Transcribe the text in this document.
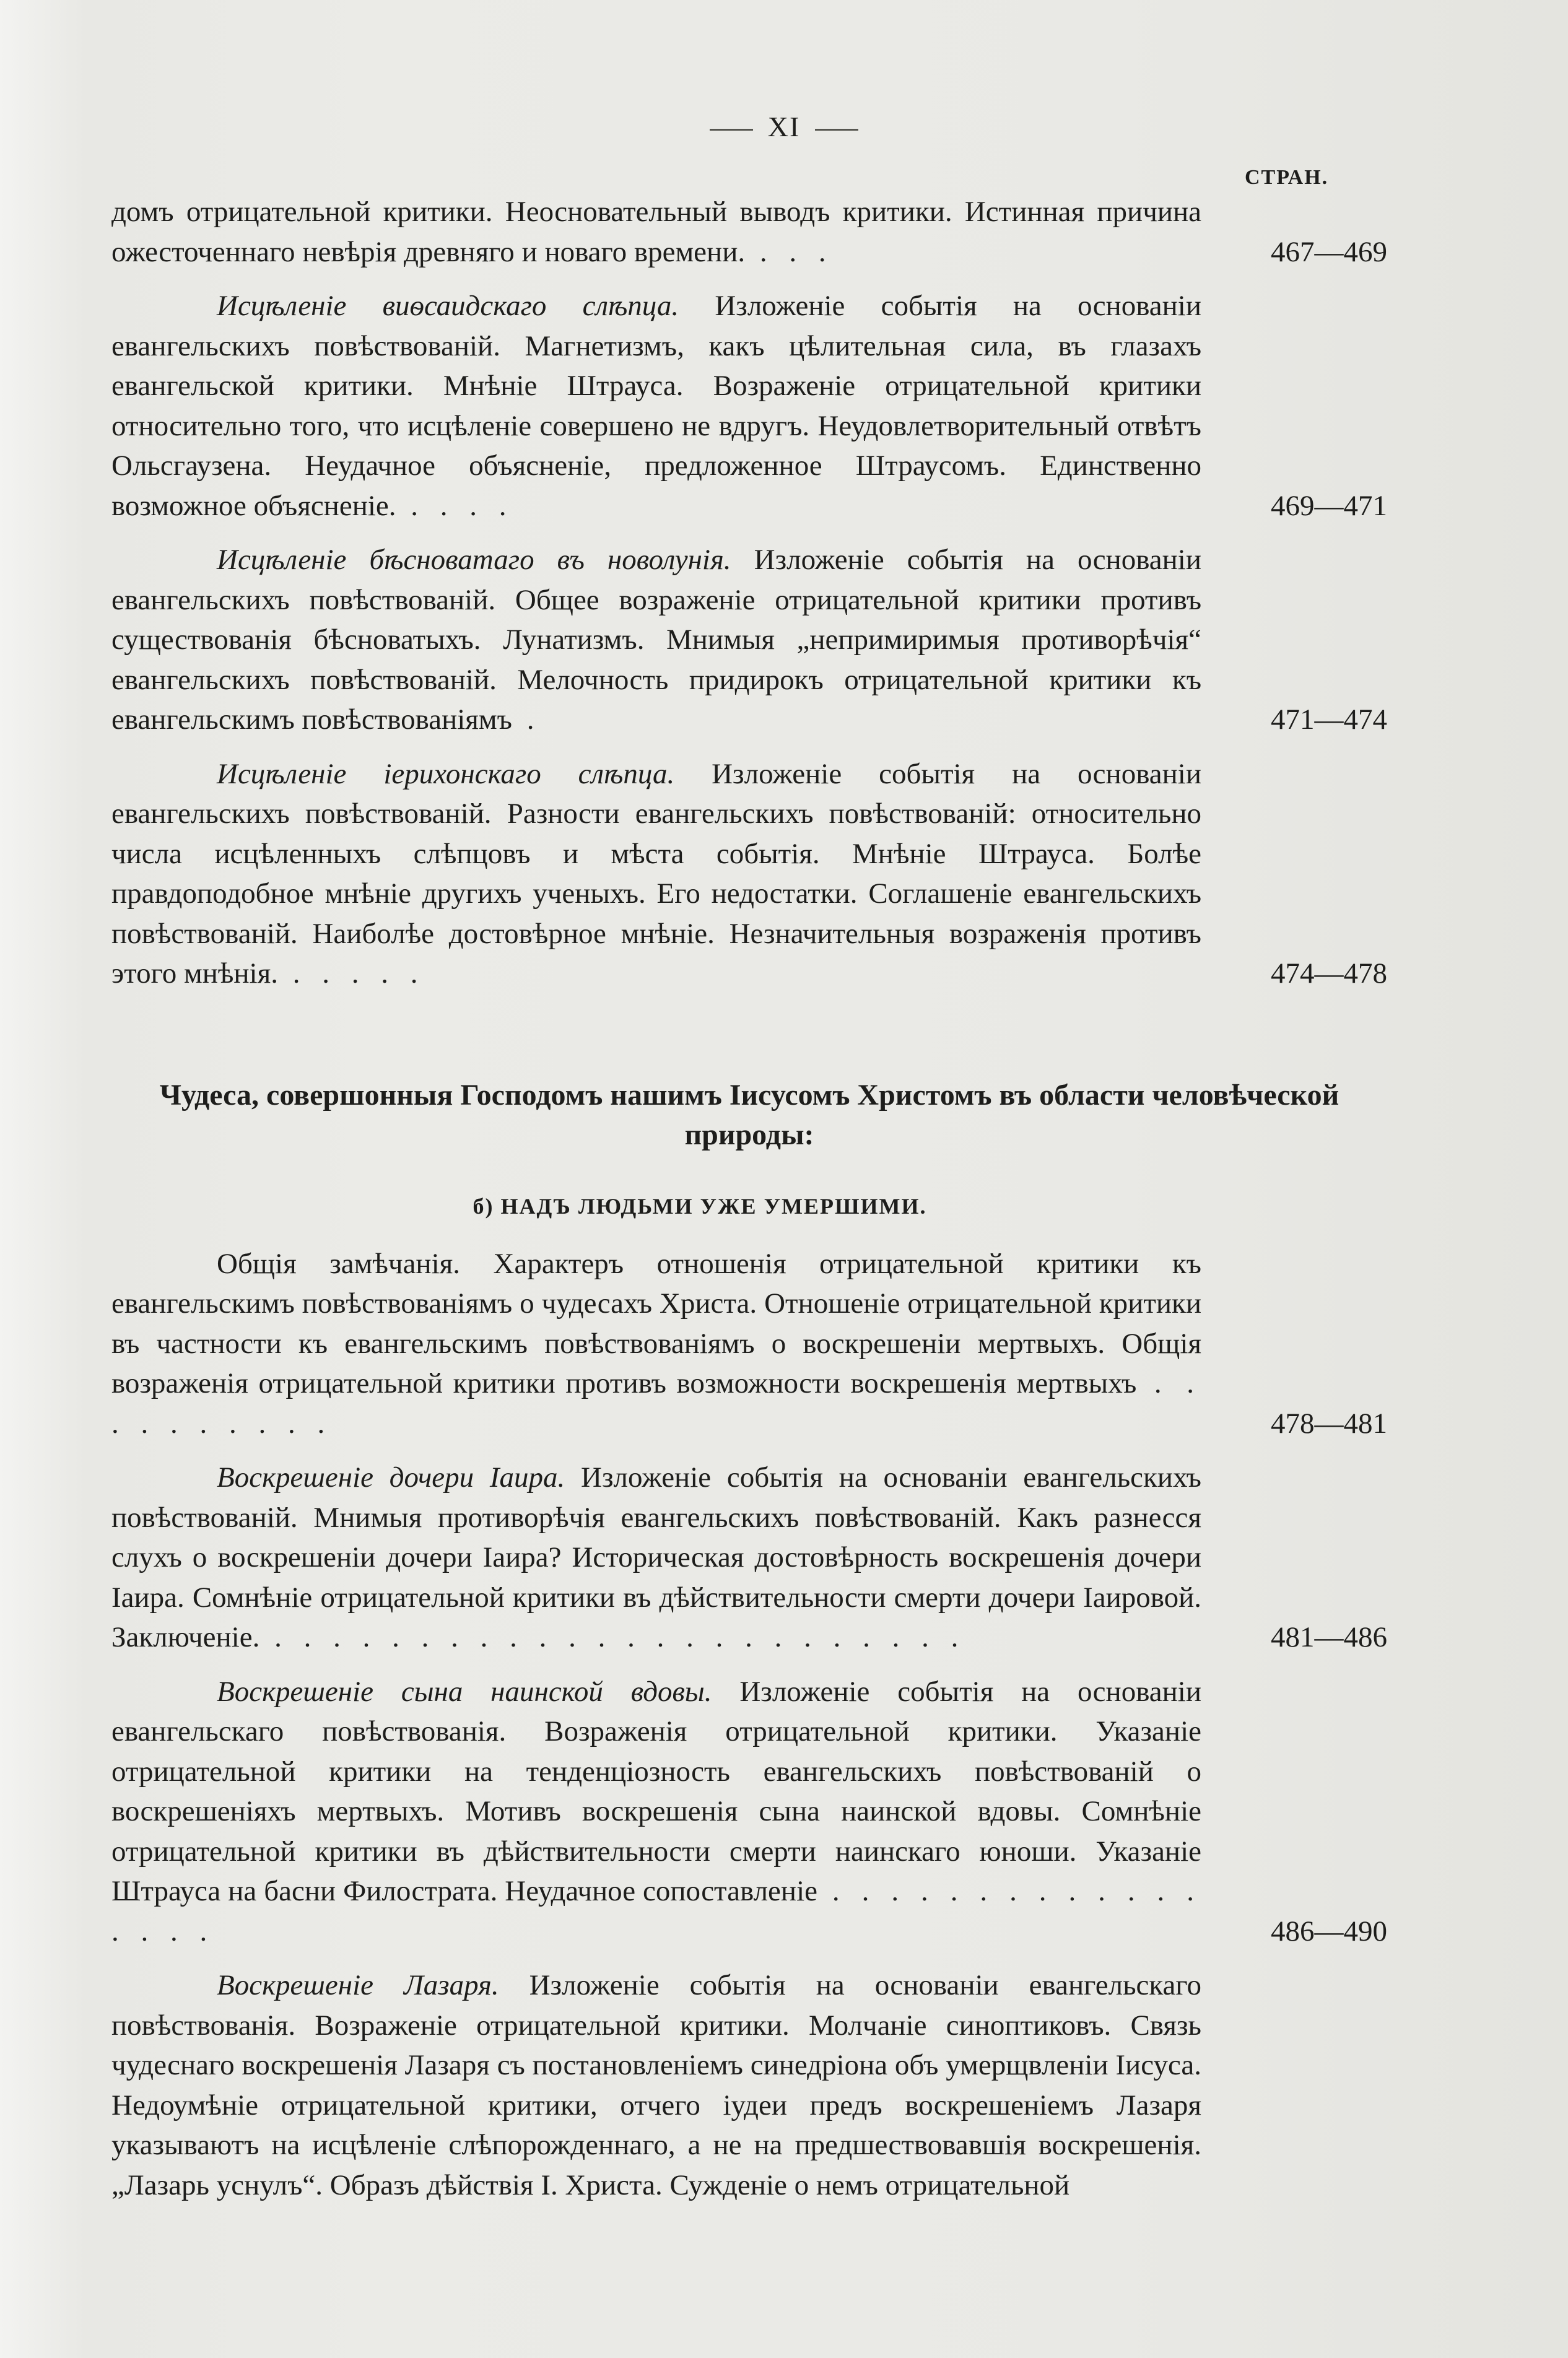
XI
СТРАН.
домъ отрицательной критики. Неосновательный выводъ критики. Истинная причина ожесточеннаго невѣрія древняго и новаго времени. . . .	467—469
Исцѣленіе виѳсаидскаго слѣпца. Изложеніе событія на основаніи евангельскихъ повѣствованій. Магнетизмъ, какъ цѣлительная сила, въ глазахъ евангельской критики. Мнѣніе Штрауса. Возраженіе отрицательной критики относительно того, что исцѣленіе совершено не вдругъ. Неудовлетворительный отвѣтъ Ольсгаузена. Неудачное объясненіе, предложенное Штраусомъ. Единственно возможное объясненіе. . . . .	469—471
Исцѣленіе бѣсноватаго въ новолунія. Изложеніе событія на основаніи евангельскихъ повѣствованій. Общее возраженіе отрицательной критики противъ существованія бѣсноватыхъ. Лунатизмъ. Мнимыя „непримиримыя противорѣчія“ евангельскихъ повѣствованій. Мелочность придирокъ отрицательной критики къ евангельскимъ повѣствованіямъ .	471—474
Исцѣленіе іерихонскаго слѣпца. Изложеніе событія на основаніи евангельскихъ повѣствованій. Разности евангельскихъ повѣствованій: относительно числа исцѣленныхъ слѣпцовъ и мѣста событія. Мнѣніе Штрауса. Болѣе правдоподобное мнѣніе другихъ ученыхъ. Его недостатки. Соглашеніе евангельскихъ повѣствованій. Наиболѣе достовѣрное мнѣніе. Незначительныя возраженія противъ этого мнѣнія. . . . . .	474—478
Чудеса, совершонныя Господомъ нашимъ Іисусомъ Христомъ въ области человѣческой природы:
б) НАДЪ ЛЮДЬМИ УЖЕ УМЕРШИМИ.
Общія замѣчанія. Характеръ отношенія отрицательной критики къ евангельскимъ повѣствованіямъ о чудесахъ Христа. Отношеніе отрицательной критики въ частности къ евангельскимъ повѣствованіямъ о воскрешеніи мертвыхъ. Общія возраженія отрицательной критики противъ возможности воскрешенія мертвыхъ . . . . . . . . . .	478—481
Воскрешеніе дочери Іаира. Изложеніе событія на основаніи евангельскихъ повѣствованій. Мнимыя противорѣчія евангельскихъ повѣствованій. Какъ разнесся слухъ о воскрешеніи дочери Іаира? Историческая достовѣрность воскрешенія дочери Іаира. Сомнѣніе отрицательной критики въ дѣйствительности смерти дочери Іаировой. Заключеніе. . . . . . . . . . . . . . . . . . . . . . . . .	481—486
Воскрешеніе сына наинской вдовы. Изложеніе событія на основаніи евангельскаго повѣствованія. Возраженія отрицательной критики. Указаніе отрицательной критики на тенденціозность евангельскихъ повѣствованій о воскрешеніяхъ мертвыхъ. Мотивъ воскрешенія сына наинской вдовы. Сомнѣніе отрицательной критики въ дѣйствительности смерти наинскаго юноши. Указаніе Штрауса на басни Филострата. Неудачное сопоставленіе . . . . . . . . . . . . . . . . .	486—490
Воскрешеніе Лазаря. Изложеніе событія на основаніи евангельскаго повѣствованія. Возраженіе отрицательной критики. Молчаніе синоптиковъ. Связь чудеснаго воскрешенія Лазаря съ постановленіемъ синедріона объ умерщвленіи Іисуса. Недоумѣніе отрицательной критики, отчего іудеи предъ воскрешеніемъ Лазаря указываютъ на исцѣленіе слѣпорожденнаго, а не на предшествовавшія воскрешенія. „Лазарь уснулъ“. Образъ дѣйствія І. Христа. Сужденіе о немъ отрицательной
